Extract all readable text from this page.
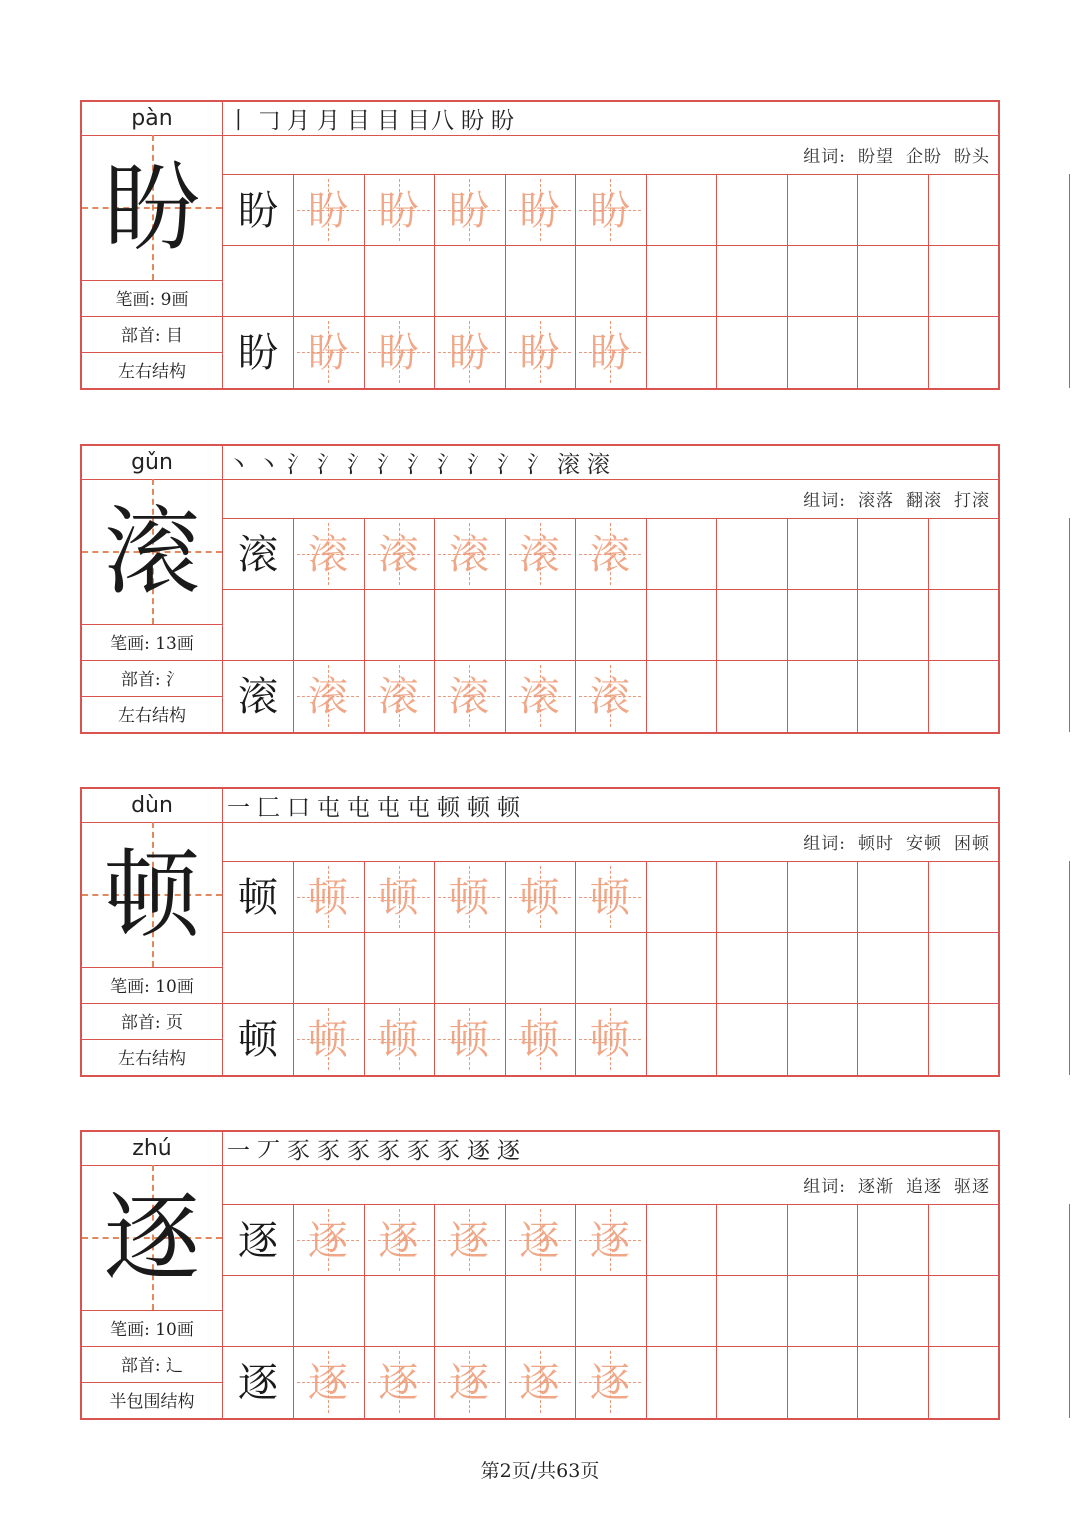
pàn
盼
笔画: 9画
部首: 目
左右结构
丨 𠃌 月 月 目 目 目八 盼 盼
组词: 盼望 企盼 盼头
盼 盼 盼 盼 盼 盼
盼 盼 盼 盼 盼 盼
gǔn
滚
笔画: 13画
部首: 氵
左右结构
丶 丶 氵 氵 氵 氵 氵 氵 氵 氵 氵 滚 滚
组词: 滚落 翻滚 打滚
滚 滚 滚 滚 滚 滚
滚 滚 滚 滚 滚 滚
dùn
顿
笔画: 10画
部首: 页
左右结构
一 匚 口 屯 屯 屯 屯 顿 顿 顿
组词: 顿时 安顿 困顿
顿 顿 顿 顿 顿 顿
顿 顿 顿 顿 顿 顿
zhú
逐
笔画: 10画
部首: 辶
半包围结构
一 丆 豕 豕 豕 豕 豕 豕 逐 逐
组词: 逐渐 追逐 驱逐
逐 逐 逐 逐 逐 逐
逐 逐 逐 逐 逐 逐
第2页/共63页
